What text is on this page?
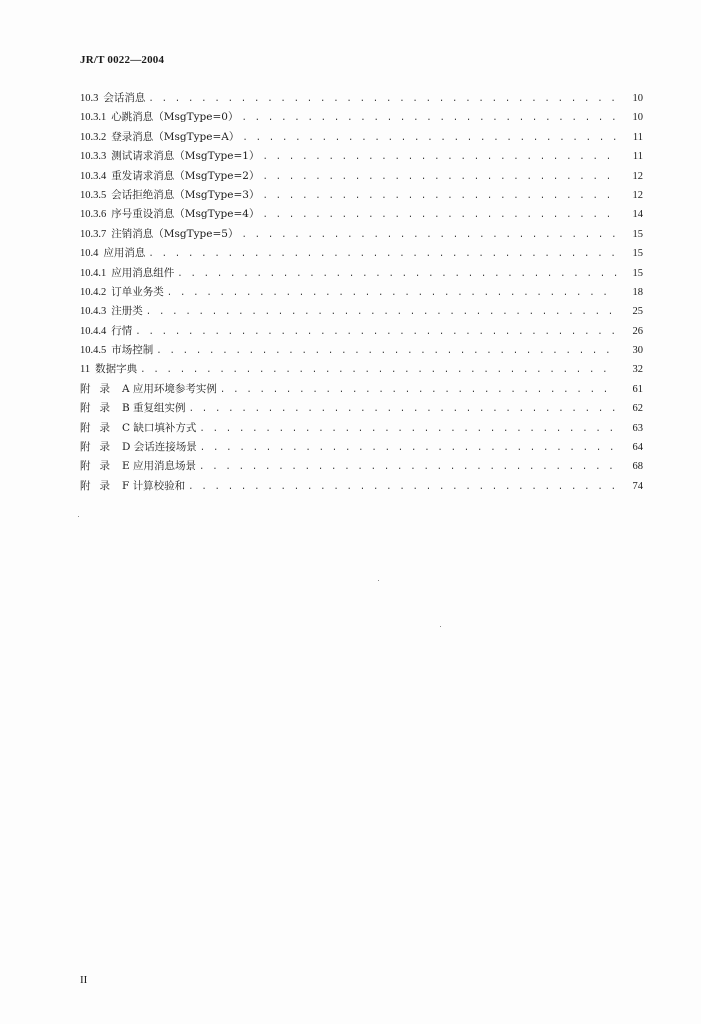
JR/T 0022—2004
10.3 会话消息 . . .	10
10.3.1 心跳消息（MsgType=0） . . .	10
10.3.2 登录消息（MsgType=A） . . .	11
10.3.3 测试请求消息（MsgType=1） . . .	11
10.3.4 重发请求消息（MsgType=2） . . .	12
10.3.5 会话拒绝消息（MsgType=3） . . .	12
10.3.6 序号重设消息（MsgType=4） . . .	14
10.3.7 注销消息（MsgType=5） . . .	15
10.4 应用消息 . . .	15
10.4.1 应用消息组件 . . .	15
10.4.2 订单业务类 . . .	18
10.4.3 注册类 . . .	25
10.4.4 行情 . . .	26
10.4.5 市场控制 . . .	30
11 数据字典 . . .	32
附录 A 应用环境参考实例 . . .	61
附录 B 重复组实例 . . .	62
附录 C 缺口填补方式 . . .	63
附录 D 会话连接场景 . . .	64
附录 E 应用消息场景 . . .	68
附录 F 计算校验和 . . .	74
II
